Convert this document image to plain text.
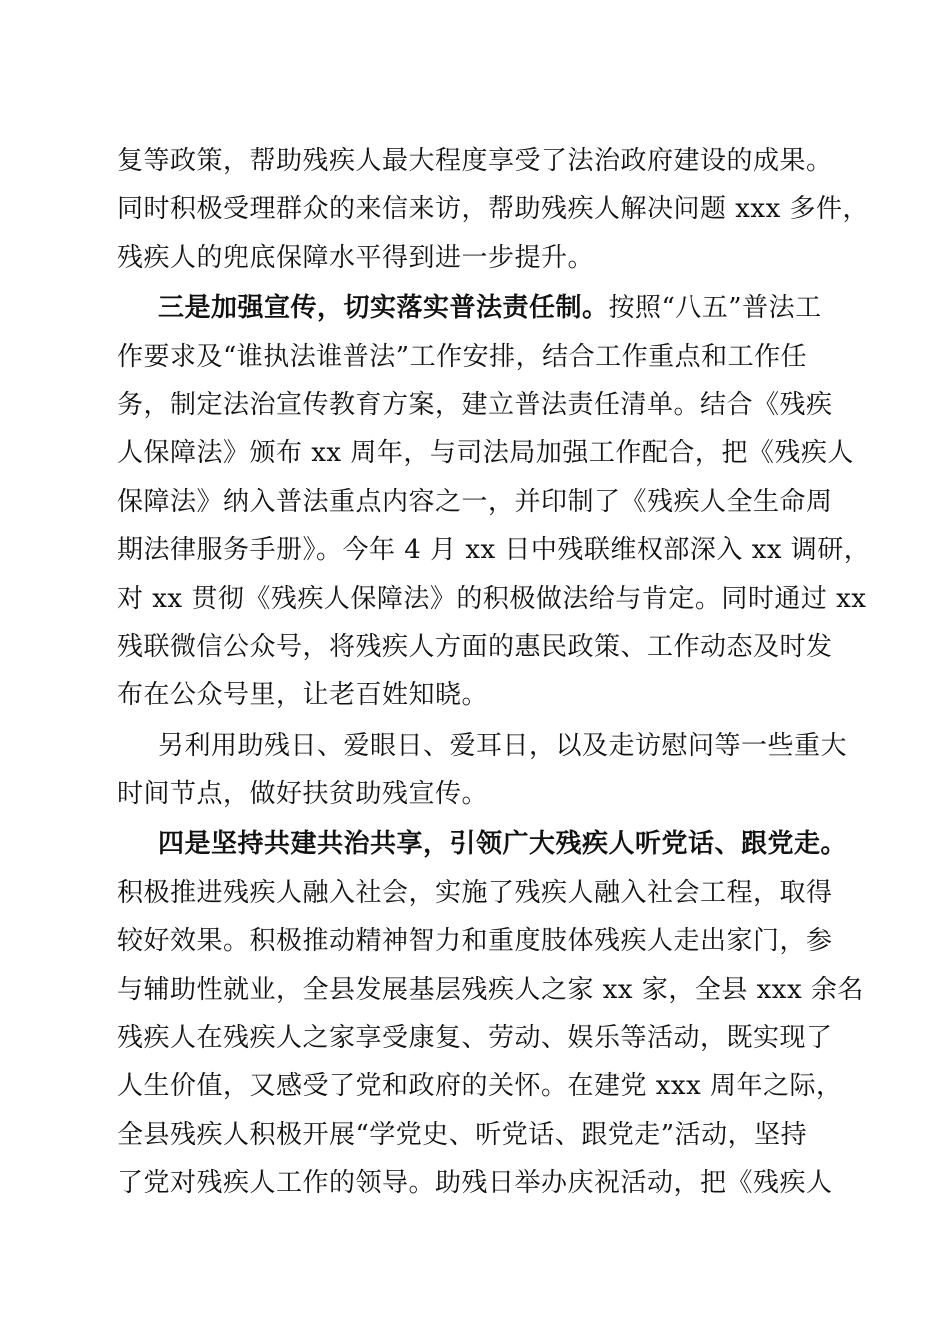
复等政策，帮助残疾人最大程度享受了法治政府建设的成果。
同时积极受理群众的来信来访，帮助残疾人解决问题 xxx 多件，
残疾人的兜底保障水平得到进一步提升。
三是加强宣传，切实落实普法责任制。按照“八五”普法工
作要求及“谁执法谁普法”工作安排，结合工作重点和工作任
务，制定法治宣传教育方案，建立普法责任清单。结合《残疾
人保障法》颁布 xx 周年，与司法局加强工作配合，把《残疾人
保障法》纳入普法重点内容之一，并印制了《残疾人全生命周
期法律服务手册》。今年 4 月 xx 日中残联维权部深入 xx 调研，
对 xx 贯彻《残疾人保障法》的积极做法给与肯定。同时通过 xx
残联微信公众号，将残疾人方面的惠民政策、工作动态及时发
布在公众号里，让老百姓知晓。
另利用助残日、爱眼日、爱耳日，以及走访慰问等一些重大
时间节点，做好扶贫助残宣传。
四是坚持共建共治共享，引领广大残疾人听党话、跟党走。
积极推进残疾人融入社会，实施了残疾人融入社会工程，取得
较好效果。积极推动精神智力和重度肢体残疾人走出家门，参
与辅助性就业，全县发展基层残疾人之家 xx 家，全县 xxx 余名
残疾人在残疾人之家享受康复、劳动、娱乐等活动，既实现了
人生价值，又感受了党和政府的关怀。在建党 xxx 周年之际，
全县残疾人积极开展“学党史、听党话、跟党走”活动，坚持
了党对残疾人工作的领导。助残日举办庆祝活动，把《残疾人
